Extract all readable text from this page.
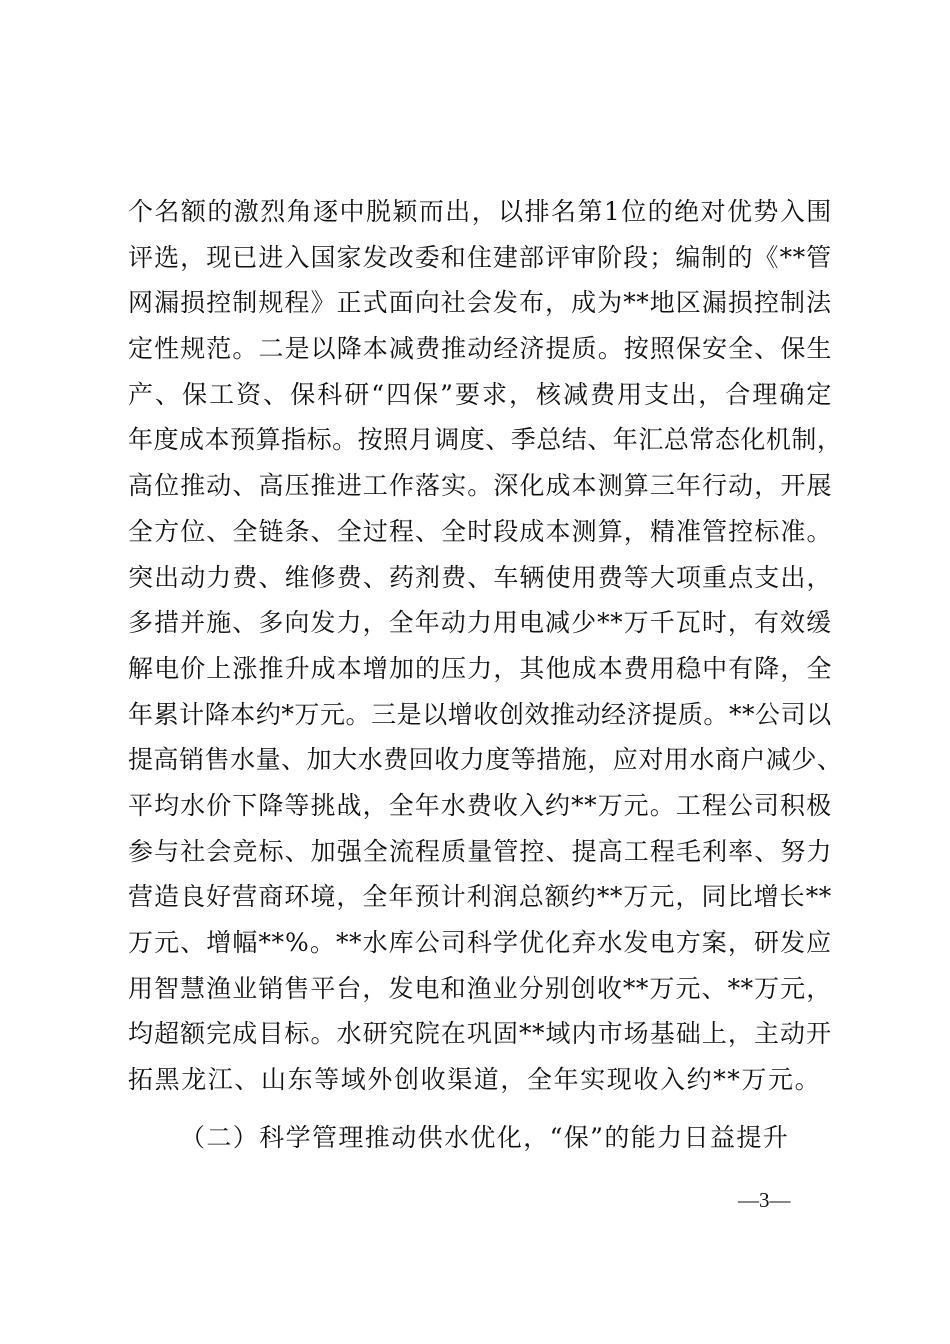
个 名 额 的 激 烈 角 逐 中 脱 颖 而 出 ， 以 排 名 第 1 位 的 绝 对 优 势 入 围
评 选 ， 现 已 进 入 国 家 发 改 委 和 住 建 部 评 审 阶 段 ； 编 制 的 《 ** 管
网 漏 损 控 制 规 程 》 正 式 面 向 社 会 发 布 ， 成 为 ** 地 区 漏 损 控 制 法
定 性 规 范 。 二 是 以 降 本 减 费 推 动 经 济 提 质 。 按 照 保 安 全 、 保 生
产 、 保 工 资 、 保 科 研 “ 四 保 ” 要 求 ， 核 减 费 用 支 出 ， 合 理 确 定
年 度 成 本 预 算 指 标 。 按 照 月 调 度 、 季 总 结 、 年 汇 总 常 态 化 机 制 ，
高 位 推 动 、 高 压 推 进 工 作 落 实 。 深 化 成 本 测 算 三 年 行 动 ， 开 展
全 方 位 、 全 链 条 、 全 过 程 、 全 时 段 成 本 测 算 ， 精 准 管 控 标 准 。
突 出 动 力 费 、 维 修 费 、 药 剂 费 、 车 辆 使 用 费 等 大 项 重 点 支 出 ，
多 措 并 施 、 多 向 发 力 ， 全 年 动 力 用 电 减 少 ** 万 千 瓦 时 ， 有 效 缓
解 电 价 上 涨 推 升 成 本 增 加 的 压 力 ， 其 他 成 本 费 用 稳 中 有 降 ， 全
年 累 计 降 本 约 * 万 元 。 三 是 以 增 收 创 效 推 动 经 济 提 质 。 ** 公 司 以
提 高 销 售 水 量 、 加 大 水 费 回 收 力 度 等 措 施 ， 应 对 用 水 商 户 减 少 、
平 均 水 价 下 降 等 挑 战 ， 全 年 水 费 收 入 约 ** 万 元 。 工 程 公 司 积 极
参 与 社 会 竞 标 、 加 强 全 流 程 质 量 管 控 、 提 高 工 程 毛 利 率 、 努 力
营 造 良 好 营 商 环 境 ， 全 年 预 计 利 润 总 额 约 ** 万 元 ， 同 比 增 长 **
万 元 、 增 幅 ** % 。 ** 水 库 公 司 科 学 优 化 弃 水 发 电 方 案 ， 研 发 应
用 智 慧 渔 业 销 售 平 台 ， 发 电 和 渔 业 分 别 创 收 ** 万 元 、 ** 万 元 ，
均 超 额 完 成 目 标 。 水 研 究 院 在 巩 固 ** 域 内 市 场 基 础 上 ， 主 动 开
拓黑龙江、山东等域外创收渠道，全年实现收入约**万元。
（二）科学管理推动供水优化，“保”的能力日益提升
—3—
